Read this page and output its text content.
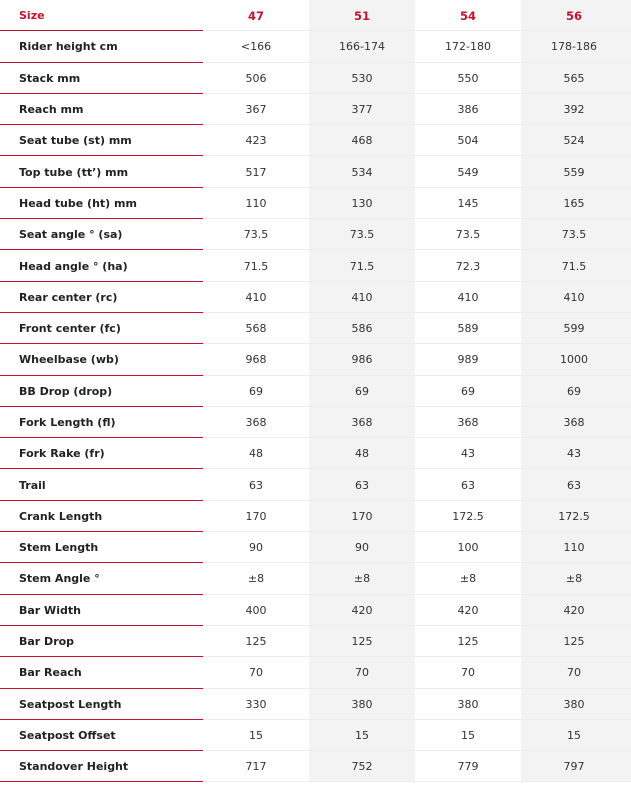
Size	47	51	54	56
Rider height cm	<166	166-174	172-180	178-186
Stack mm	506	530	550	565
Reach mm	367	377	386	392
Seat tube (st) mm	423	468	504	524
Top tube (tt’) mm	517	534	549	559
Head tube (ht) mm	110	130	145	165
Seat angle ° (sa)	73.5	73.5	73.5	73.5
Head angle ° (ha)	71.5	71.5	72.3	71.5
Rear center (rc)	410	410	410	410
Front center (fc)	568	586	589	599
Wheelbase (wb)	968	986	989	1000
BB Drop (drop)	69	69	69	69
Fork Length (fl)	368	368	368	368
Fork Rake (fr)	48	48	43	43
Trail	63	63	63	63
Crank Length	170	170	172.5	172.5
Stem Length	90	90	100	110
Stem Angle °	±8	±8	±8	±8
Bar Width	400	420	420	420
Bar Drop	125	125	125	125
Bar Reach	70	70	70	70
Seatpost Length	330	380	380	380
Seatpost Offset	15	15	15	15
Standover Height	717	752	779	797
